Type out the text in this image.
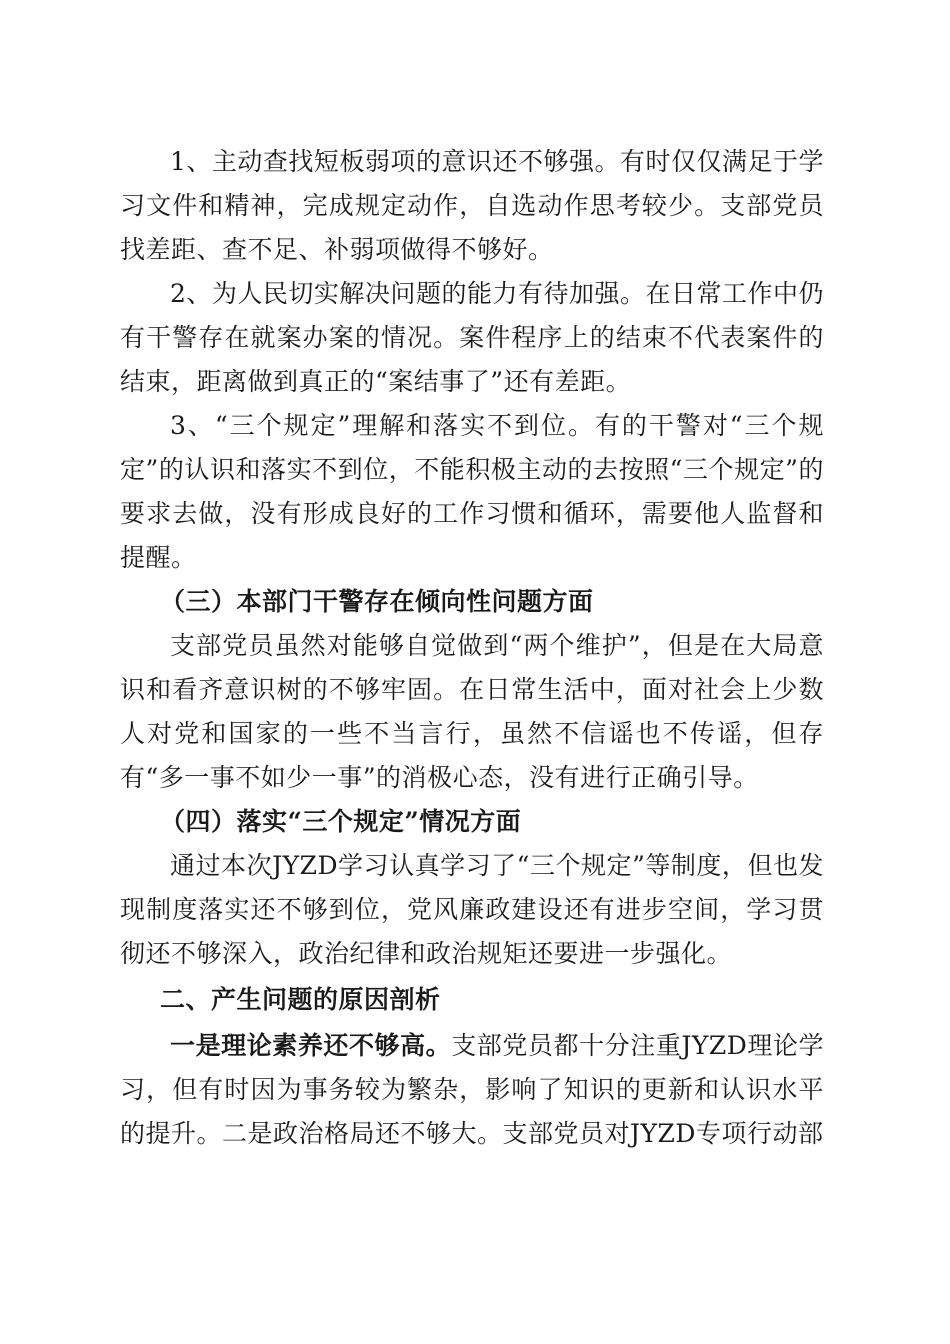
1、主动查找短板弱项的意识还不够强。有时仅仅满足于学习文件和精神，完成规定动作，自选动作思考较少。支部党员找差距、查不足、补弱项做得不够好。

2、为人民切实解决问题的能力有待加强。在日常工作中仍有干警存在就案办案的情况。案件程序上的结束不代表案件的结束，距离做到真正的“案结事了”还有差距。

3、“三个规定”理解和落实不到位。有的干警对“三个规定”的认识和落实不到位，不能积极主动的去按照“三个规定”的要求去做，没有形成良好的工作习惯和循环，需要他人监督和提醒。

（三）本部门干警存在倾向性问题方面

支部党员虽然对能够自觉做到“两个维护”，但是在大局意识和看齐意识树的不够牢固。在日常生活中，面对社会上少数人对党和国家的一些不当言行，虽然不信谣也不传谣，但存有“多一事不如少一事”的消极心态，没有进行正确引导。

（四）落实“三个规定”情况方面

通过本次JYZD学习认真学习了“三个规定”等制度，但也发现制度落实还不够到位，党风廉政建设还有进步空间，学习贯彻还不够深入，政治纪律和政治规矩还要进一步强化。

二、产生问题的原因剖析

一是理论素养还不够高。支部党员都十分注重JYZD理论学习，但有时因为事务较为繁杂，影响了知识的更新和认识水平的提升。二是政治格局还不够大。支部党员对JYZD专项行动部
